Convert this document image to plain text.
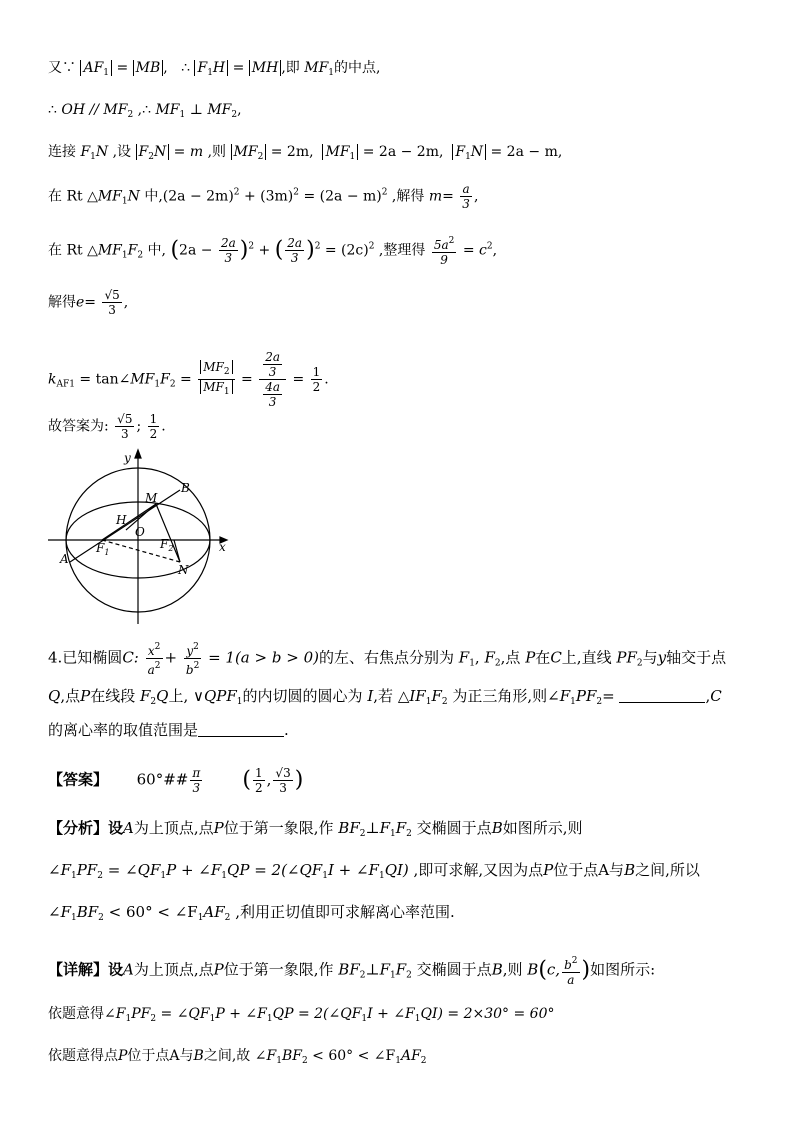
又∵ $AF_1$ = MB , ∴ $F_1H$ = MH ,即 $MF_1$的中点,
∴ OH // $MF_2$ ,∴ $MF_1$ ⊥ $MF_2$,
连接 $F_1N$ ,设 $F_2N = m$ ,则 $MF_2 = 2m$, $MF_1 = 2a - 2m$, $F_1N = 2a - m$,
在 Rt $\triangle MF_1N$ 中$,(2a - 2m)^2 + (3m)^2 = (2a - m)^2$ ,解得 $m= \frac{a}{3}$ ,
在 Rt $\triangle MF_1F_2$ 中, $(2a - \frac{2a}{3} )^2$ + ( $\frac{2a}{3} )^2 = (2c)^2$ ,整理得 $\frac{5a^2}{9} = c^2$,
解得$e= \frac{√5}{3}$ ,
$k_{AF1}$ = $\tan\angle MF_1F_2 = \frac{MF_2}{MF_1} = \frac{\frac{2a}{3}}{\frac{4a}{3}} = \frac{1}{2}$ .
故答案为: $\frac{√5}{3}$ ; $\frac{1}{2}$ .
y
x
B
M
H
O
$F_1$
$F_2$
A
N
4.已知椭圆C: $\frac{x^2}{a^2} + \frac{y^2}{b^2} = 1(a > b > 0)$的左、右焦点分别为 $F_1$, $F_2$,点 P在C上,直线 $PF_2$与y轴交于点
Q,点P在线段 $F_2Q$上, $\vee QPF_1$的内切圆的圆心为 I,若 $\triangle IF_1F_2$ 为正三角形,则$\angle F_1PF_2=$	,C
的离心率的取值范围是	.
【答案】 60°## $\frac{\pi}{3}$ ( $\frac{1}{2}$ , $\frac{√3}{3}$ )
【分析】设A为上顶点,点P位于第一象限,作 $BF_2\perp F_1F_2$ 交椭圆于点B如图所示,则
$\angle F_1PF_2$ = $\angle QF_1P$ + $\angle F_1QP$ = $2(\angle QF_1I$ + $\angle F_1QI$) ,即可求解,又因为点P位于点A与B之间,所以
$\angle F_1BF_2 < 60^\circ$ < $\angle F_1AF_2$ ,利用正切值即可求解离心率范围.
【详解】设A为上顶点,点P位于第一象限,作 $BF_2\perp F_1F_2$ 交椭圆于点B,则 B(c, $\frac{b^2}{a}$ )如图所示:
依题意得$\angle F_1PF_2$ = $\angle QF_1P$ + $\angle F_1QP$ = $2(\angle QF_1I$ + $\angle F_1QI) = 2\times 30^\circ = 60^\circ$
依题意得点P位于点A与B之间,故 $\angle F_1BF_2 < 60^\circ$ < $\angle F_1AF_2$
